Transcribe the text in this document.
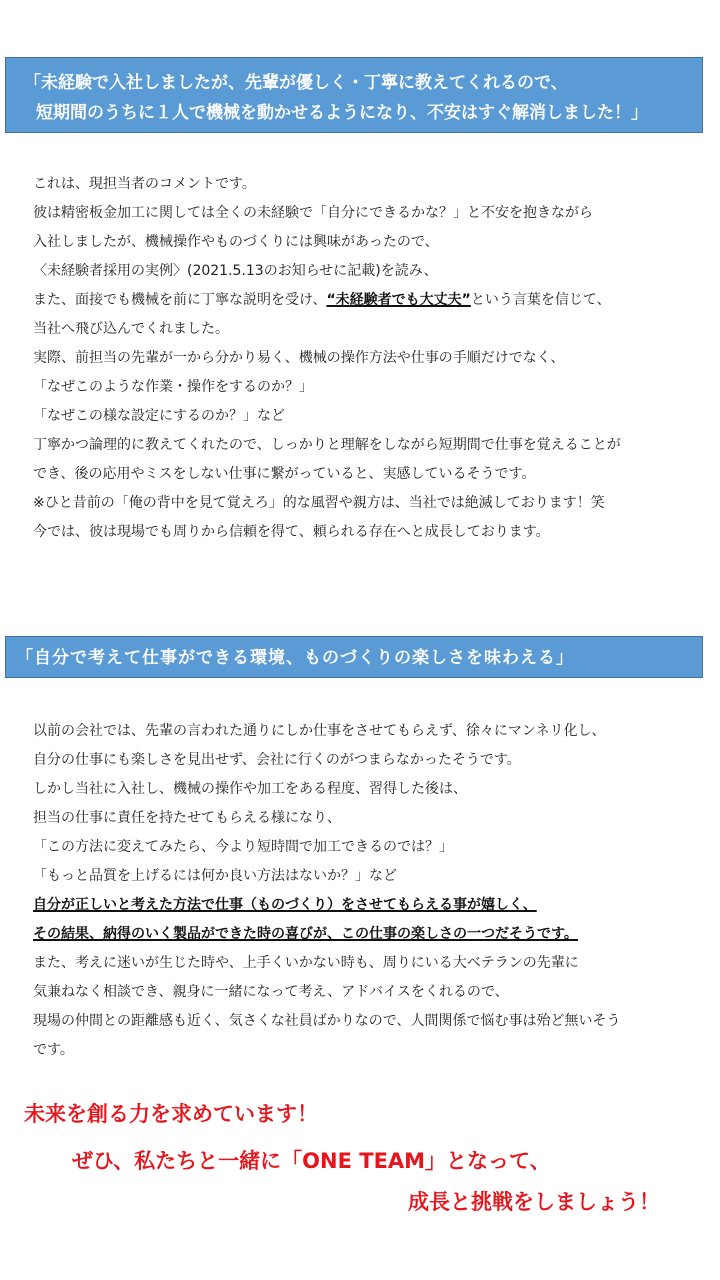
「未経験で入社しましたが、先輩が優しく・丁寧に教えてくれるので、
短期間のうちに１人で機械を動かせるようになり、不安はすぐ解消しました！」
これは、現担当者のコメントです。
彼は精密板金加工に関しては全くの未経験で「自分にできるかな？」と不安を抱きながら
入社しましたが、機械操作やものづくりには興味があったので、
〈未経験者採用の実例〉(2021.5.13のお知らせに記載)を読み、
また、面接でも機械を前に丁寧な説明を受け、“未経験者でも大丈夫”という言葉を信じて、
当社へ飛び込んでくれました。
実際、前担当の先輩が一から分かり易く、機械の操作方法や仕事の手順だけでなく、
「なぜこのような作業・操作をするのか？」
「なぜこの様な設定にするのか？」など
丁寧かつ論理的に教えてくれたので、しっかりと理解をしながら短期間で仕事を覚えることが
でき、後の応用やミスをしない仕事に繋がっていると、実感しているそうです。
※ひと昔前の「俺の背中を見て覚えろ」的な風習や親方は、当社では絶滅しております！笑
今では、彼は現場でも周りから信頼を得て、頼られる存在へと成長しております。
「自分で考えて仕事ができる環境、ものづくりの楽しさを味わえる」
以前の会社では、先輩の言われた通りにしか仕事をさせてもらえず、徐々にマンネリ化し、
自分の仕事にも楽しさを見出せず、会社に行くのがつまらなかったそうです。
しかし当社に入社し、機械の操作や加工をある程度、習得した後は、
担当の仕事に責任を持たせてもらえる様になり、
「この方法に変えてみたら、今より短時間で加工できるのでは？」
「もっと品質を上げるには何か良い方法はないか？」など
自分が正しいと考えた方法で仕事（ものづくり）をさせてもらえる事が嬉しく、
その結果、納得のいく製品ができた時の喜びが、この仕事の楽しさの一つだそうです。
また、考えに迷いが生じた時や、上手くいかない時も、周りにいる大ベテランの先輩に
気兼ねなく相談でき、親身に一緒になって考え、アドバイスをくれるので、
現場の仲間との距離感も近く、気さくな社員ばかりなので、人間関係で悩む事は殆ど無いそう
です。
未来を創る力を求めています！
ぜひ、私たちと一緒に「ONE TEAM」となって、
成長と挑戦をしましょう！
